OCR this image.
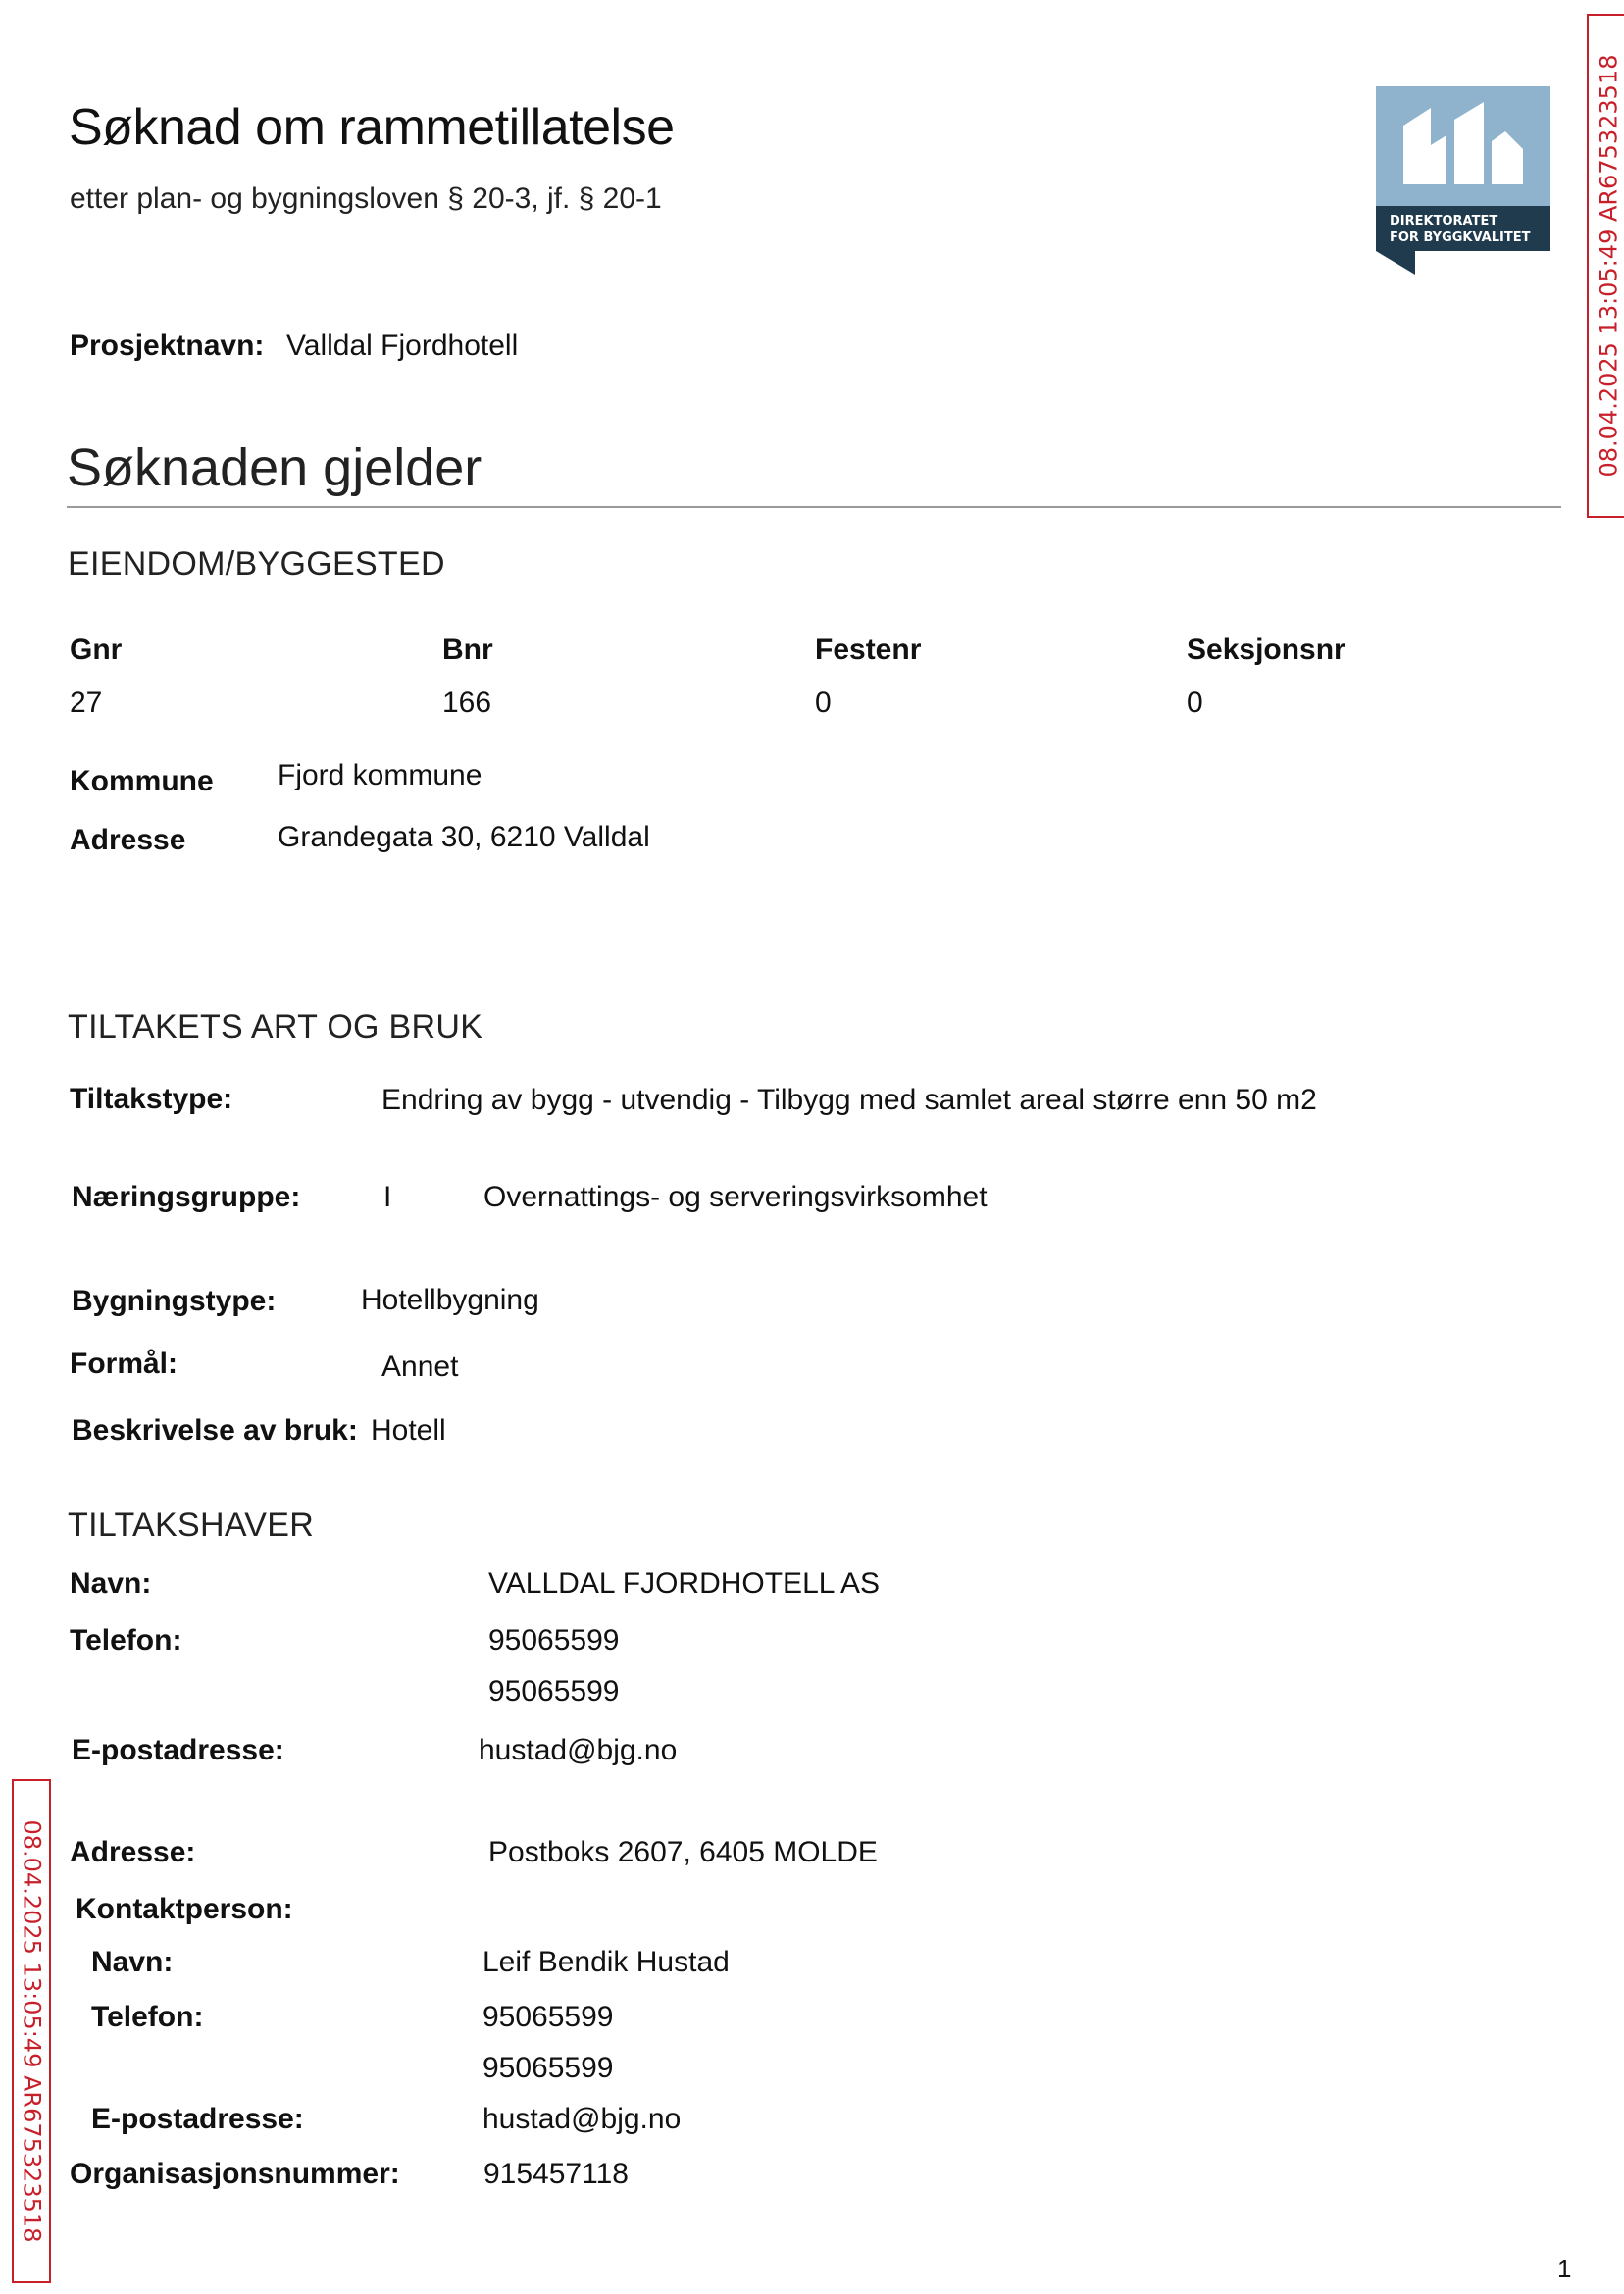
Søknad om rammetillatelse
etter plan- og bygningsloven § 20-3, jf. § 20-1
DIREKTORATET
FOR BYGGKVALITET	08.04.2025 13:05:49 AR675323518
Prosjektnavn: Valldal Fjordhotell
Søknaden gjelder
EIENDOM/BYGGESTED
Gnr	Bnr	Festenr	Seksjonsnr
27	166	0	0
Kommune Fjord kommune
Adresse	Grandegata 30, 6210 Valldal
TILTAKETS ART OG BRUK
Tiltakstype:	Endring av bygg - utvendig - Tilbygg med samlet areal større enn 50 m2
Næringsgruppe:	I	Overnattings- og serveringsvirksomhet
Bygningstype:	Hotellbygning
Formål:	Annet
Beskrivelse av bruk: Hotell
TILTAKSHAVER
Navn:	VALLDAL FJORDHOTELL AS
Telefon:	95065599
95065599
E-postadresse:	hustad@bjg.no
Adresse:	Postboks 2607, 6405 MOLDE
Kontaktperson:
Navn:	Leif Bendik Hustad
Telefon:	95065599
95065599
E-postadresse:	hustad@bjg.no
Organisasjonsnummer:	915457118
08.04.2025 13:05:49 AR675323518
1
